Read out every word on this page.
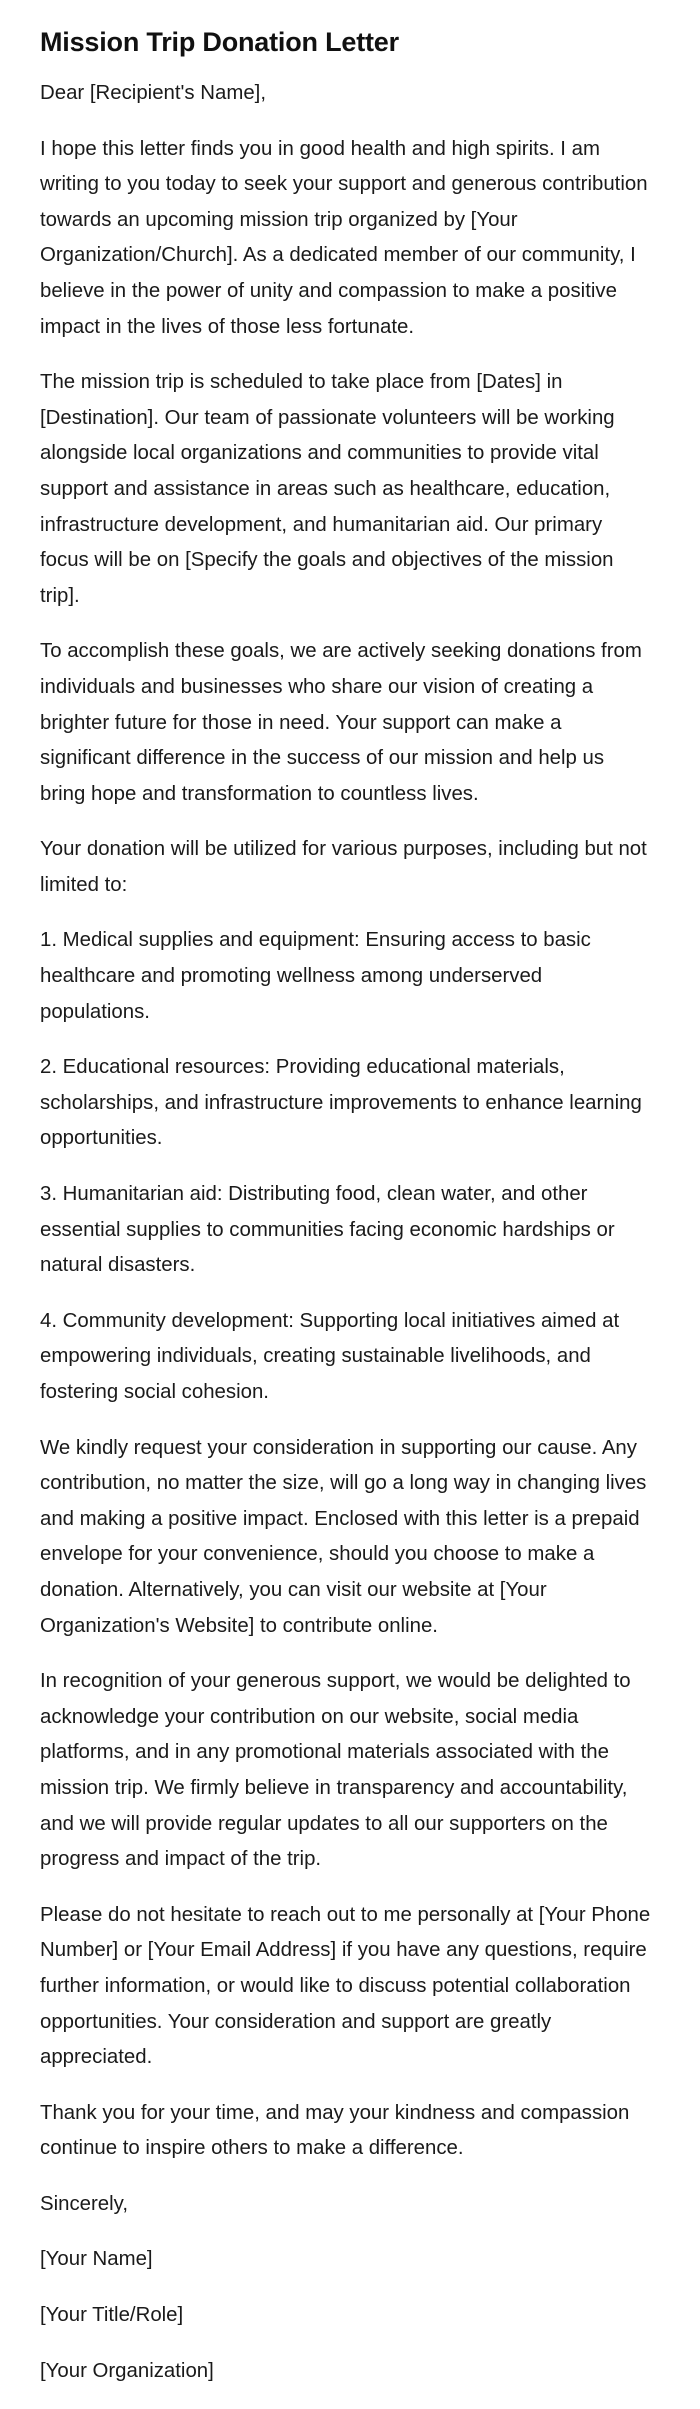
Mission Trip Donation Letter

Dear [Recipient's Name],

I hope this letter finds you in good health and high spirits. I am writing to you today to seek your support and generous contribution towards an upcoming mission trip organized by [Your Organization/Church]. As a dedicated member of our community, I believe in the power of unity and compassion to make a positive impact in the lives of those less fortunate.

The mission trip is scheduled to take place from [Dates] in [Destination]. Our team of passionate volunteers will be working alongside local organizations and communities to provide vital support and assistance in areas such as healthcare, education, infrastructure development, and humanitarian aid. Our primary focus will be on [Specify the goals and objectives of the mission trip].

To accomplish these goals, we are actively seeking donations from individuals and businesses who share our vision of creating a brighter future for those in need. Your support can make a significant difference in the success of our mission and help us bring hope and transformation to countless lives.

Your donation will be utilized for various purposes, including but not limited to:

1. Medical supplies and equipment: Ensuring access to basic healthcare and promoting wellness among underserved populations.

2. Educational resources: Providing educational materials, scholarships, and infrastructure improvements to enhance learning opportunities.

3. Humanitarian aid: Distributing food, clean water, and other essential supplies to communities facing economic hardships or natural disasters.

4. Community development: Supporting local initiatives aimed at empowering individuals, creating sustainable livelihoods, and fostering social cohesion.

We kindly request your consideration in supporting our cause. Any contribution, no matter the size, will go a long way in changing lives and making a positive impact. Enclosed with this letter is a prepaid envelope for your convenience, should you choose to make a donation. Alternatively, you can visit our website at [Your Organization's Website] to contribute online.

In recognition of your generous support, we would be delighted to acknowledge your contribution on our website, social media platforms, and in any promotional materials associated with the mission trip. We firmly believe in transparency and accountability, and we will provide regular updates to all our supporters on the progress and impact of the trip.

Please do not hesitate to reach out to me personally at [Your Phone Number] or [Your Email Address] if you have any questions, require further information, or would like to discuss potential collaboration opportunities. Your consideration and support are greatly appreciated.

Thank you for your time, and may your kindness and compassion continue to inspire others to make a difference.

Sincerely,

[Your Name]

[Your Title/Role]

[Your Organization]
